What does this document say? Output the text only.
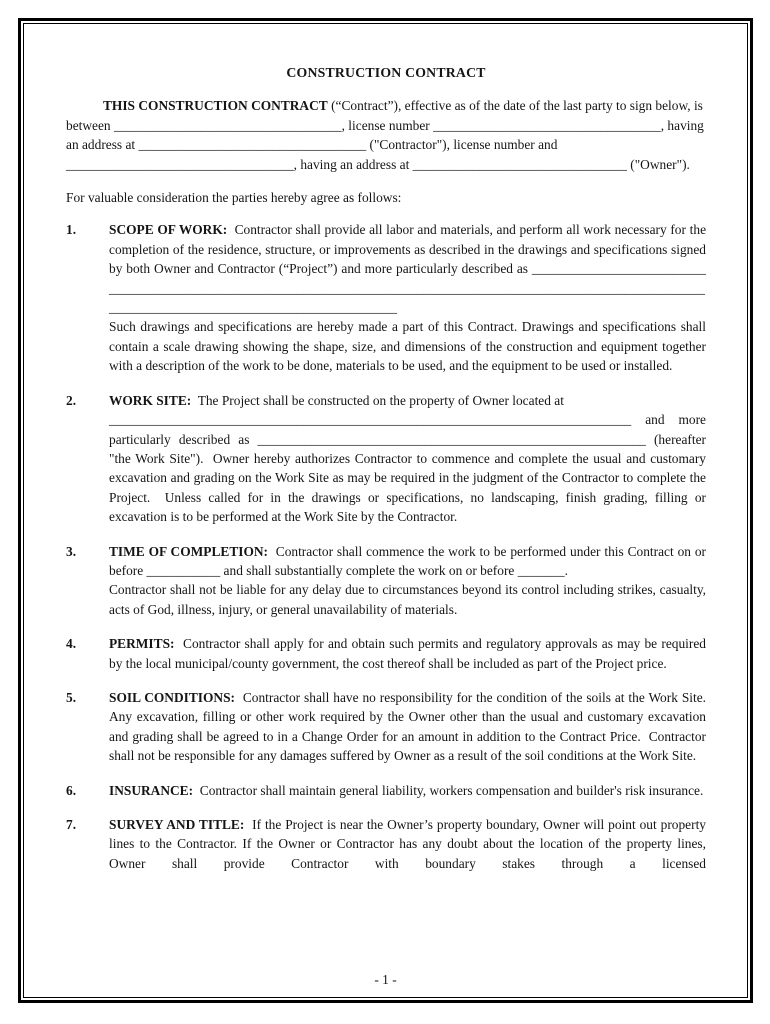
CONSTRUCTION CONTRACT

THIS CONSTRUCTION CONTRACT (“Contract”), effective as of the date of the last party to sign below, is between __________________________________, license number __________________________________, having an address at __________________________________ ("Contractor"), license number and __________________________________, having an address at ________________________________ ("Owner").

For valuable consideration the parties hereby agree as follows:

1.	SCOPE OF WORK:  Contractor shall provide all labor and materials, and perform all work necessary for the completion of the residence, structure, or improvements as described in the drawings and specifications signed by both Owner and Contractor (“Project”) and more particularly described as ______________________________________________________________________________________________________________________________________________________________

Such drawings and specifications are hereby made a part of this Contract. Drawings and specifications shall contain a scale drawing showing the shape, size, and dimensions of the construction and equipment together with a description of the work to be done, materials to be used, and the equipment to be used or installed.

2.	WORK SITE:  The Project shall be constructed on the property of Owner located at
______________________________________________________________________________ and more particularly described as __________________________________________________________ (hereafter "the Work Site").  Owner hereby authorizes Contractor to commence and complete the usual and customary excavation and grading on the Work Site as may be required in the judgment of the Contractor to complete the Project.  Unless called for in the drawings or specifications, no landscaping, finish grading, filling or excavation is to be performed at the Work Site by the Contractor.

3.	TIME OF COMPLETION:  Contractor shall commence the work to be performed under this Contract on or before ___________ and shall substantially complete the work on or before _______.
Contractor shall not be liable for any delay due to circumstances beyond its control including strikes, casualty, acts of God, illness, injury, or general unavailability of materials.

4.	PERMITS:  Contractor shall apply for and obtain such permits and regulatory approvals as may be required by the local municipal/county government, the cost thereof shall be included as part of the Project price.

5.	SOIL CONDITIONS:  Contractor shall have no responsibility for the condition of the soils at the Work Site.  Any excavation, filling or other work required by the Owner other than the usual and customary excavation and grading shall be agreed to in a Change Order for an amount in addition to the Contract Price.  Contractor shall not be responsible for any damages suffered by Owner as a result of the soil conditions at the Work Site.

6.	INSURANCE:  Contractor shall maintain general liability, workers compensation and builder's risk insurance.

7.	SURVEY AND TITLE:  If the Project is near the Owner’s property boundary, Owner will point out property lines to the Contractor. If the Owner or Contractor has any doubt about the location of the property lines, Owner shall provide Contractor with boundary stakes through a licensed

- 1 -
